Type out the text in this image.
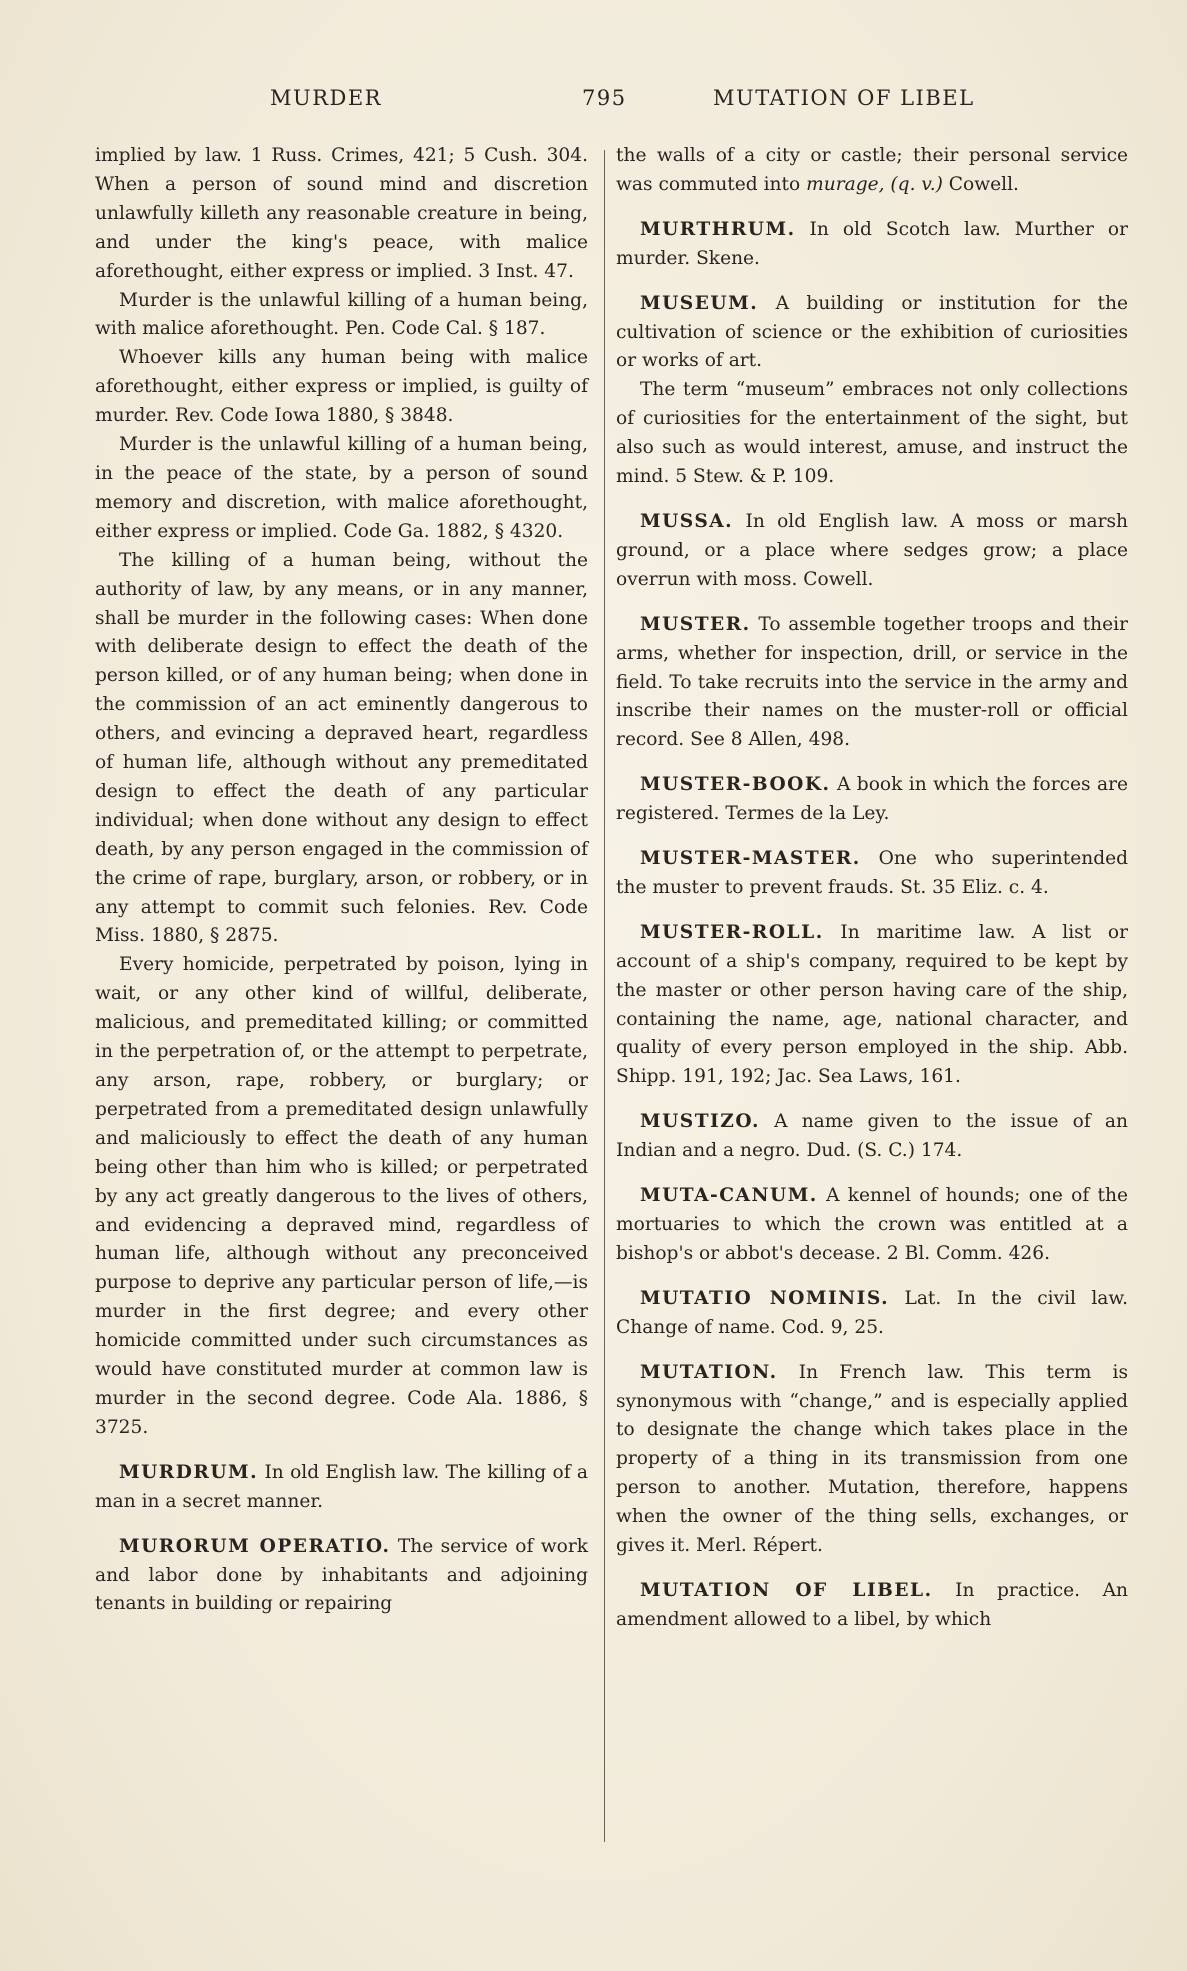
MURDER	795	MUTATION OF LIBEL

implied by law. 1 Russ. Crimes, 421; 5 Cush. 304. When a person of sound mind and discretion unlawfully killeth any reasonable creature in being, and under the king's peace, with malice aforethought, either express or implied. 3 Inst. 47.

Murder is the unlawful killing of a human being, with malice aforethought. Pen. Code Cal. § 187.

Whoever kills any human being with malice aforethought, either express or implied, is guilty of murder. Rev. Code Iowa 1880, § 3848.

Murder is the unlawful killing of a human being, in the peace of the state, by a person of sound memory and discretion, with malice aforethought, either express or implied. Code Ga. 1882, § 4320.

The killing of a human being, without the authority of law, by any means, or in any manner, shall be murder in the following cases: When done with deliberate design to effect the death of the person killed, or of any human being; when done in the commission of an act eminently dangerous to others, and evincing a depraved heart, regardless of human life, although without any premeditated design to effect the death of any particular individual; when done without any design to effect death, by any person engaged in the commission of the crime of rape, burglary, arson, or robbery, or in any attempt to commit such felonies. Rev. Code Miss. 1880, § 2875.

Every homicide, perpetrated by poison, lying in wait, or any other kind of willful, deliberate, malicious, and premeditated killing; or committed in the perpetration of, or the attempt to perpetrate, any arson, rape, robbery, or burglary; or perpetrated from a premeditated design unlawfully and maliciously to effect the death of any human being other than him who is killed; or perpetrated by any act greatly dangerous to the lives of others, and evidencing a depraved mind, regardless of human life, although without any preconceived purpose to deprive any particular person of life,—is murder in the first degree; and every other homicide committed under such circumstances as would have constituted murder at common law is murder in the second degree. Code Ala. 1886, § 3725.

MURDRUM. In old English law. The killing of a man in a secret manner.

MURORUM OPERATIO. The service of work and labor done by inhabitants and adjoining tenants in building or repairing

the walls of a city or castle; their personal service was commuted into murage, (q. v.) Cowell.

MURTHRUM. In old Scotch law. Murther or murder. Skene.

MUSEUM. A building or institution for the cultivation of science or the exhibition of curiosities or works of art.

The term “museum” embraces not only collections of curiosities for the entertainment of the sight, but also such as would interest, amuse, and instruct the mind. 5 Stew. & P. 109.

MUSSA. In old English law. A moss or marsh ground, or a place where sedges grow; a place overrun with moss. Cowell.

MUSTER. To assemble together troops and their arms, whether for inspection, drill, or service in the field. To take recruits into the service in the army and inscribe their names on the muster-roll or official record. See 8 Allen, 498.

MUSTER-BOOK. A book in which the forces are registered. Termes de la Ley.

MUSTER-MASTER. One who superintended the muster to prevent frauds. St. 35 Eliz. c. 4.

MUSTER-ROLL. In maritime law. A list or account of a ship's company, required to be kept by the master or other person having care of the ship, containing the name, age, national character, and quality of every person employed in the ship. Abb. Shipp. 191, 192; Jac. Sea Laws, 161.

MUSTIZO. A name given to the issue of an Indian and a negro. Dud. (S. C.) 174.

MUTA-CANUM. A kennel of hounds; one of the mortuaries to which the crown was entitled at a bishop's or abbot's decease. 2 Bl. Comm. 426.

MUTATIO NOMINIS. Lat. In the civil law. Change of name. Cod. 9, 25.

MUTATION. In French law. This term is synonymous with “change,” and is especially applied to designate the change which takes place in the property of a thing in its transmission from one person to another. Mutation, therefore, happens when the owner of the thing sells, exchanges, or gives it. Merl. Répert.

MUTATION OF LIBEL. In practice. An amendment allowed to a libel, by which
